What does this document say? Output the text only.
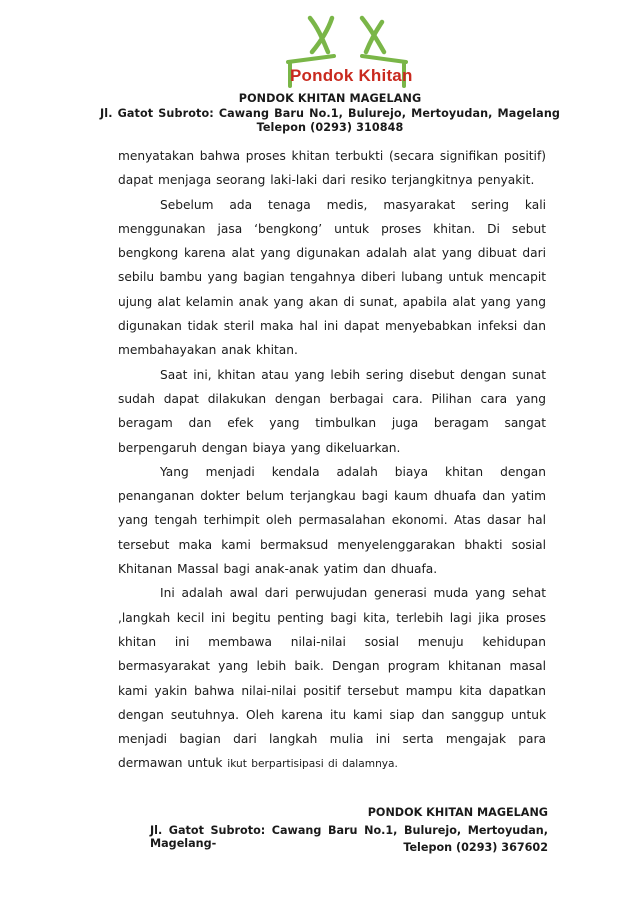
Pondok Khitan
PONDOK KHITAN MAGELANG
Jl. Gatot Subroto: Cawang Baru No.1, Bulurejo, Mertoyudan, Magelang
Telepon (0293) 310848

menyatakan bahwa proses khitan terbukti (secara signifikan positif) dapat menjaga seorang laki-laki dari resiko terjangkitnya penyakit.

Sebelum ada tenaga medis, masyarakat sering kali menggunakan jasa ‘bengkong’ untuk proses khitan. Di sebut bengkong karena alat yang digunakan adalah alat yang dibuat dari sebilu bambu yang bagian tengahnya diberi lubang untuk mencapit ujung alat kelamin anak yang akan di sunat, apabila alat yang yang digunakan tidak steril maka hal ini dapat menyebabkan infeksi dan membahayakan anak khitan.

Saat ini, khitan atau yang lebih sering disebut dengan sunat sudah dapat dilakukan dengan berbagai cara. Pilihan cara yang beragam dan efek yang timbulkan juga beragam sangat berpengaruh dengan biaya yang dikeluarkan.

Yang menjadi kendala adalah biaya khitan dengan penanganan dokter belum terjangkau bagi kaum dhuafa dan yatim yang tengah terhimpit oleh permasalahan ekonomi. Atas dasar hal tersebut maka kami bermaksud menyelenggarakan bhakti sosial Khitanan Massal bagi anak-anak yatim dan dhuafa.

Ini adalah awal dari perwujudan generasi muda yang sehat ,langkah kecil ini begitu penting bagi kita, terlebih lagi jika proses khitan ini membawa nilai-nilai sosial menuju kehidupan bermasyarakat yang lebih baik. Dengan program khitanan masal kami yakin bahwa nilai-nilai positif tersebut mampu kita dapatkan dengan seutuhnya. Oleh karena itu kami siap dan sanggup untuk menjadi bagian dari langkah mulia ini serta mengajak para dermawan untuk ikut berpartisipasi di dalamnya.

PONDOK KHITAN MAGELANG
Jl. Gatot Subroto: Cawang Baru No.1, Bulurejo, Mertoyudan, Magelang-	Telepon (0293) 367602
